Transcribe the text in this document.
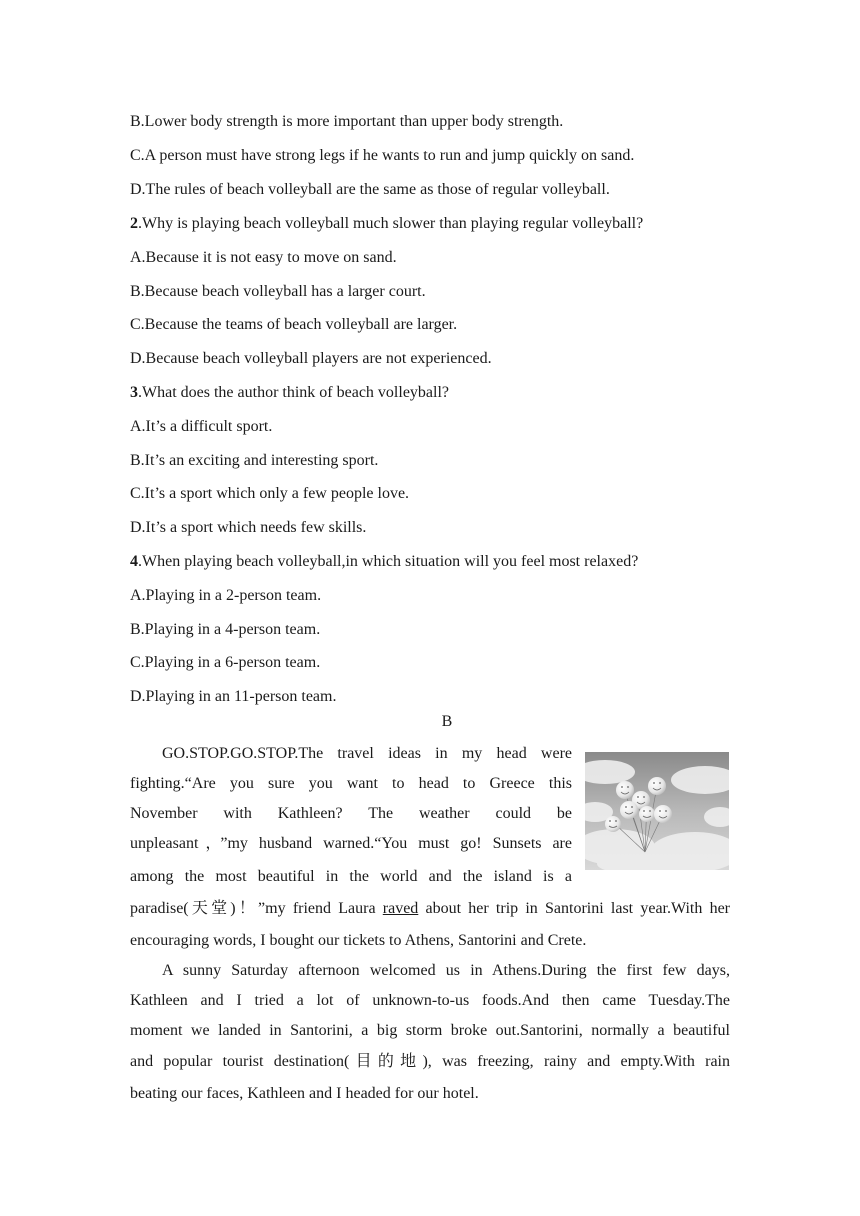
B.Lower body strength is more important than upper body strength.
C.A person must have strong legs if he wants to run and jump quickly on sand.
D.The rules of beach volleyball are the same as those of regular volleyball.
2.Why is playing beach volleyball much slower than playing regular volleyball?
A.Because it is not easy to move on sand.
B.Because beach volleyball has a larger court.
C.Because the teams of beach volleyball are larger.
D.Because beach volleyball players are not experienced.
3.What does the author think of beach volleyball?
A.It’s a difficult sport.
B.It’s an exciting and interesting sport.
C.It’s a sport which only a few people love.
D.It’s a sport which needs few skills.
4.When playing beach volleyball,in which situation will you feel most relaxed?
A.Playing in a 2-person team.
B.Playing in a 4-person team.
C.Playing in a 6-person team.
D.Playing in an 11-person team.
B
GO.STOP.GO.STOP.The travel ideas in my head were
fighting.“Are you sure you want to head to Greece this
November with Kathleen? The weather could be
unpleasant，”my husband warned.“You must go! Sunsets are
among the most beautiful in the world and the island is a
paradise(天堂)！”my friend Laura raved about her trip in Santorini last year.With her
encouraging words, I bought our tickets to Athens, Santorini and Crete.
A sunny Saturday afternoon welcomed us in Athens.During the first few days,
Kathleen and I tried a lot of unknown-to-us foods.And then came Tuesday.The
moment we landed in Santorini, a big storm broke out.Santorini, normally a beautiful
and popular tourist destination(目的地), was freezing, rainy and empty.With rain
beating our faces, Kathleen and I headed for our hotel.
